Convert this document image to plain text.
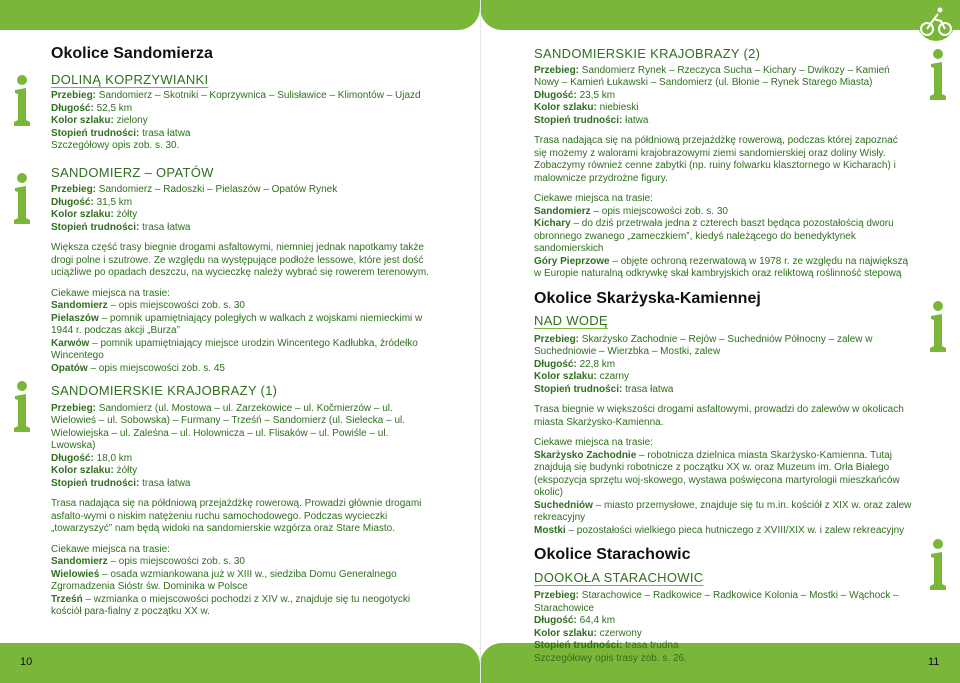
10	11
Okolice Sandomierza
DOLINĄ KOPRZYWIANKI

Przebieg: Sandomierz – Skotniki – Koprzywnica – Sulisławice – Klimontów – Ujazd

Długość: 52,5 km

Kolor szlaku: zielony

Stopień trudności: trasa łatwa

Szczegółowy opis zob. s. 30.

SANDOMIERZ – OPATÓW

Przebieg: Sandomierz – Radoszki – Pielaszów – Opatów Rynek

Długość: 31,5 km

Kolor szlaku: żółty

Stopień trudności: trasa łatwa

Większa część trasy biegnie drogami asfaltowymi, niemniej jednak napotkamy także drogi polne i szutrowe. Ze względu na występujące podłoże lessowe, które jest dość uciążliwe po opadach deszczu, na wycieczkę należy wybrać się rowerem terenowym.

Ciekawe miejsca na trasie:

Sandomierz – opis miejscowości zob. s. 30

Pielaszów – pomnik upamiętniający poległych w walkach z wojskami niemieckimi w 1944 r. podczas akcji „Burza”

Karwów – pomnik upamiętniający miejsce urodzin Wincentego Kadłubka, źródełko Wincentego

Opatów – opis miejscowości zob. s. 45

SANDOMIERSKIE KRAJOBRAZY (1)

Przebieg: Sandomierz (ul. Mostowa – ul. Zarzekowice – ul. Kočmierzów – ul. Wielowieś – ul. Sobowska) – Furmany – Trześń – Sandomierz (ul. Sielecka – ul. Wielowiejska – ul. Zaleśna – ul. Holownicza – ul. Flisaków – ul. Powiśle – ul. Lwowska)

Długość: 18,0 km

Kolor szlaku: żółty

Stopień trudności: trasa łatwa

Trasa nadająca się na półdniową przejażdżkę rowerową. Prowadzi głównie drogami asfalto-wymi o niskim natężeniu ruchu samochodowego. Podczas wycieczki „towarzyszyć” nam będą widoki na sandomierskie wzgórza oraz Stare Miasto.

Ciekawe miejsca na trasie:

Sandomierz – opis miejscowości zob. s. 30

Wielowieś – osada wzmiankowana już w XIII w., siedziba Domu Generalnego Zgromadzenia Sióstr św. Dominika w Polsce

Trześń – wzmianka o miejscowości pochodzi z XIV w., znajduje się tu neogotycki kościół para-fialny z początku XX w.

SANDOMIERSKIE KRAJOBRAZY (2)

Przebieg: Sandomierz Rynek – Rzeczyca Sucha – Kichary – Dwikozy – Kamień Nowy – Kamień Łukawski – Sandomierz (ul. Błonie – Rynek Starego Miasta)

Długość: 23,5 km

Kolor szlaku: niebieski

Stopień trudności: łatwa

Trasa nadająca się na półdniową przejażdżkę rowerową, podczas której zapoznać się możemy z walorami krajobrazowymi ziemi sandomierskiej oraz doliny Wisły. Zobaczymy również cenne zabytki (np. ruiny folwarku klasztornego w Kicharach) i malownicze przydrożne figury.

Ciekawe miejsca na trasie:

Sandomierz – opis miejscowości zob. s. 30

Kichary – do dziś przetrwała jedna z czterech baszt będąca pozostałością dworu obronnego zwanego „zameczkiem”, kiedyś należącego do benedyktynek sandomierskich

Góry Pieprzowe – objęte ochroną rezerwatową w 1978 r. ze względu na największą w Europie naturalną odkrywkę skał kambryjskich oraz reliktową roślinność stepową

Okolice Skarżyska-Kamiennej
NAD WODĘ

Przebieg: Skarżysko Zachodnie – Rejów – Suchedniów Północny – zalew w Suchedniowie – Wierzbka – Mostki, zalew

Długość: 22,8 km

Kolor szlaku: czarny

Stopień trudności: trasa łatwa

Trasa biegnie w większości drogami asfaltowymi, prowadzi do zalewów w okolicach miasta Skarżysko-Kamienna.

Ciekawe miejsca na trasie:

Skarżysko Zachodnie – robotnicza dzielnica miasta Skarżysko-Kamienna. Tutaj znajdują się budynki robotnicze z początku XX w. oraz Muzeum im. Orła Białego (ekspozycja sprzętu woj-skowego, wystawa poświęcona martyrologii mieszkańców okolic)

Suchedniów – miasto przemysłowe, znajduje się tu m.in. kościół z XIX w. oraz zalew rekreacyjny

Mostki – pozostałości wielkiego pieca hutniczego z XVIII/XIX w. i zalew rekreacyjny

Okolice Starachowic
DOOKOŁA STARACHOWIC

Przebieg: Starachowice – Radkowice – Radkowice Kolonia – Mostki – Wąchock – Starachowice

Długość: 64,4 km

Kolor szlaku: czerwony

Stopień trudności: trasa trudna

Szczegółowy opis trasy zob. s. 26.
